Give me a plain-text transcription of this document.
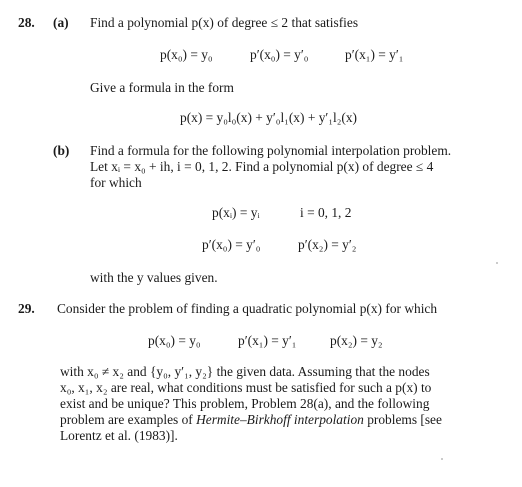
28. (a) Find a polynomial p(x) of degree ≤ 2 that satisfies
p(x₀) = y₀	p′(x₀) = y′₀	p′(x₁) = y′₁
Give a formula in the form
p(x) = y₀l₀(x) + y′₀l₁(x) + y′₁l₂(x)
(b) Find a formula for the following polynomial interpolation problem.
Let xᵢ = x₀ + ih, i = 0, 1, 2. Find a polynomial p(x) of degree ≤ 4
for which
p(xᵢ) = yᵢ	i = 0, 1, 2
p′(x₀) = y′₀	p′(x₂) = y′₂
with the y values given.
29. Consider the problem of finding a quadratic polynomial p(x) for which
p(x₀) = y₀	p′(x₁) = y′₁	p(x₂) = y₂
with x₀ ≠ x₂ and {y₀, y′₁, y₂} the given data. Assuming that the nodes
x₀, x₁, x₂ are real, what conditions must be satisfied for such a p(x) to
exist and be unique? This problem, Problem 28(a), and the following
problem are examples of Hermite–Birkhoff interpolation problems [see
Lorentz et al. (1983)].
